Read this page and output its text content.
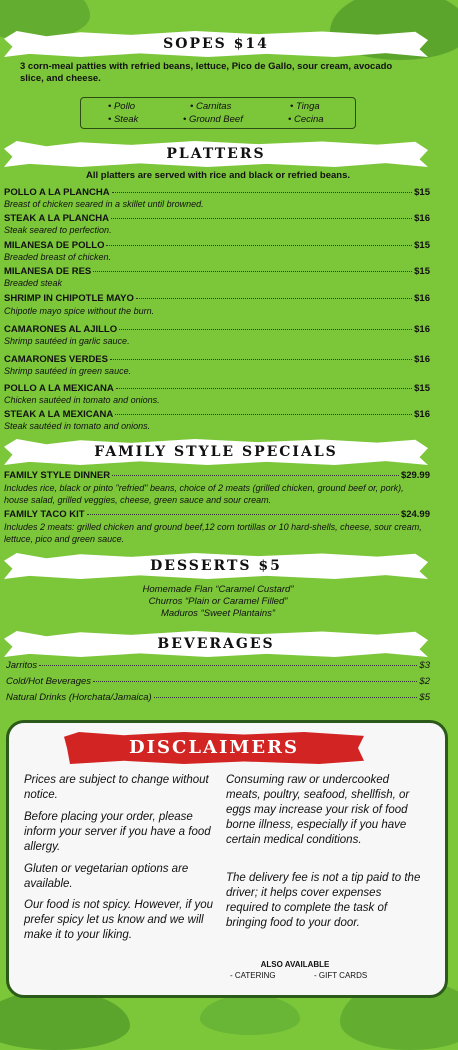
SOPES $14
3 corn-meal patties with refried beans, lettuce, Pico de Gallo, sour cream, avocado slice, and cheese.
• Pollo	• Carnitas	• Tinga
• Steak	• Ground Beef	• Cecina
PLATTERS
All platters are served with rice and black or refried beans.
POLLO A LA PLANCHA	$15
Breast of chicken seared in a skillet until browned.
STEAK A LA PLANCHA	$16
Steak seared to perfection.
MILANESA DE POLLO	$15
Breaded breast of chicken.
MILANESA DE RES	$15
Breaded steak
SHRIMP IN CHIPOTLE MAYO	$16
Chipotle mayo spice without the burn.
CAMARONES AL AJILLO	$16
Shrimp sautéed in garlic sauce.
CAMARONES VERDES	$16
Shrimp sautéed in green sauce.
POLLO A LA MEXICANA	$15
Chicken sautéed in tomato and onions.
STEAK A LA MEXICANA	$16
Steak sautéed in tomato and onions.
FAMILY STYLE SPECIALS
FAMILY STYLE DINNER	$29.99
Includes rice, black or pinto "refried" beans, choice of 2 meats (grilled chicken, ground beef or, pork), house salad, grilled veggies, cheese, green sauce and sour cream.
FAMILY TACO KIT	$24.99
Includes 2 meats: grilled chicken and ground beef,12 corn tortillas or 10 hard-shells, cheese, sour cream, lettuce, pico and green sauce.
DESSERTS $5
Homemade Flan “Caramel Custard”
Churros “Plain or Caramel Filled”
Maduros “Sweet Plantains”
BEVERAGES
Jarritos	$3
Cold/Hot Beverages	$2
Natural Drinks (Horchata/Jamaica)	$5
DISCLAIMERS
Prices are subject to change without notice.
Before placing your order, please inform your server if you have a food allergy.
Gluten or vegetarian options are available.
Our food is not spicy. However, if you prefer spicy let us know and we will make it to your liking.
Consuming raw or undercooked meats, poultry, seafood, shellfish, or eggs may increase your risk of food borne illness, especially if you have certain medical conditions.
The delivery fee is not a tip paid to the driver; it helps cover expenses required to complete the task of bringing food to your door.
ALSO AVAILABLE
- CATERING	- GIFT CARDS
